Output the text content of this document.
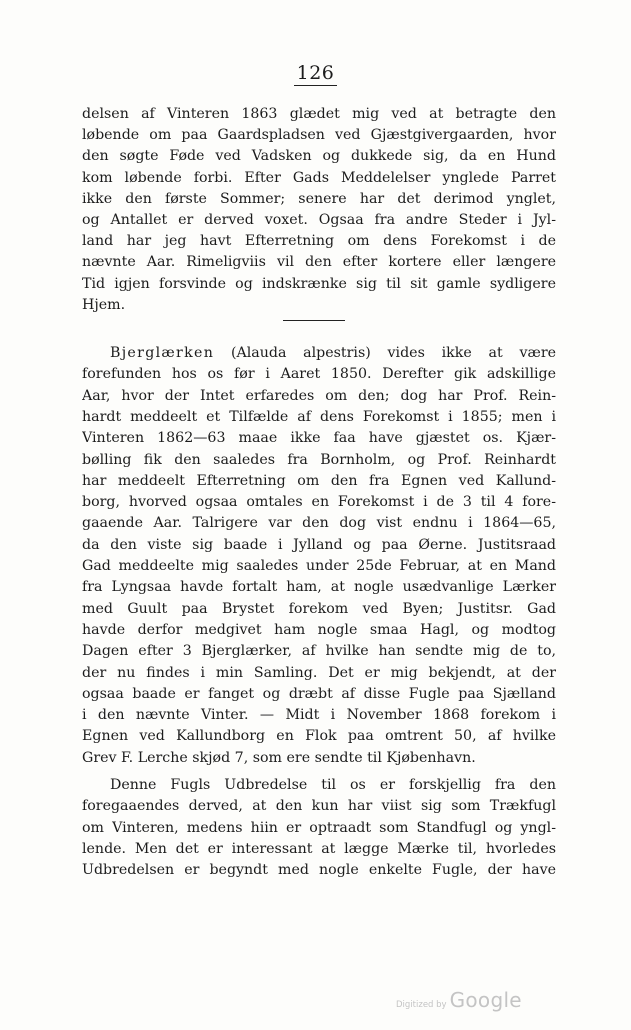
126
delsen af Vinteren 1863 glædet mig ved at betragte den
løbende om paa Gaardspladsen ved Gjæstgivergaarden, hvor
den søgte Føde ved Vadsken og dukkede sig, da en Hund
kom løbende forbi. Efter Gads Meddelelser ynglede Parret
ikke den første Sommer; senere har det derimod ynglet,
og Antallet er derved voxet. Ogsaa fra andre Steder i Jyl-
land har jeg havt Efterretning om dens Forekomst i de
nævnte Aar. Rimeligviis vil den efter kortere eller længere
Tid igjen forsvinde og indskrænke sig til sit gamle sydligere
Hjem.
Bjerglærken (Alauda alpestris) vides ikke at være
forefunden hos os før i Aaret 1850. Derefter gik adskillige
Aar, hvor der Intet erfaredes om den; dog har Prof. Rein-
hardt meddeelt et Tilfælde af dens Forekomst i 1855; men i
Vinteren 1862—63 maae ikke faa have gjæstet os. Kjær-
bølling fik den saaledes fra Bornholm, og Prof. Reinhardt
har meddeelt Efterretning om den fra Egnen ved Kallund-
borg, hvorved ogsaa omtales en Forekomst i de 3 til 4 fore-
gaaende Aar. Talrigere var den dog vist endnu i 1864—65,
da den viste sig baade i Jylland og paa Øerne. Justitsraad
Gad meddeelte mig saaledes under 25de Februar, at en Mand
fra Lyngsaa havde fortalt ham, at nogle usædvanlige Lærker
med Guult paa Brystet forekom ved Byen; Justitsr. Gad
havde derfor medgivet ham nogle smaa Hagl, og modtog
Dagen efter 3 Bjerglærker, af hvilke han sendte mig de to,
der nu findes i min Samling. Det er mig bekjendt, at der
ogsaa baade er fanget og dræbt af disse Fugle paa Sjælland
i den nævnte Vinter. — Midt i November 1868 forekom i
Egnen ved Kallundborg en Flok paa omtrent 50, af hvilke
Grev F. Lerche skjød 7, som ere sendte til Kjøbenhavn.
Denne Fugls Udbredelse til os er forskjellig fra den
foregaaendes derved, at den kun har viist sig som Trækfugl
om Vinteren, medens hiin er optraadt som Standfugl og yngl-
lende. Men det er interessant at lægge Mærke til, hvorledes
Udbredelsen er begyndt med nogle enkelte Fugle, der have
Digitized by Google
